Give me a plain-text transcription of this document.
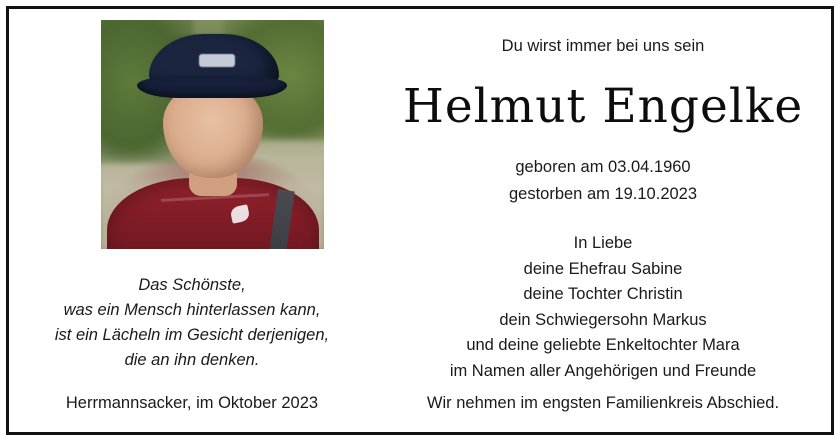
Das Schönste,
was ein Mensch hinterlassen kann,
ist ein Lächeln im Gesicht derjenigen,
die an ihn denken.
Herrmannsacker, im Oktober 2023
Du wirst immer bei uns sein
Helmut Engelke
geboren am 03.04.1960
gestorben am 19.10.2023
In Liebe
deine Ehefrau Sabine
deine Tochter Christin
dein Schwiegersohn Markus
und deine geliebte Enkeltochter Mara
im Namen aller Angehörigen und Freunde
Wir nehmen im engsten Familienkreis Abschied.
